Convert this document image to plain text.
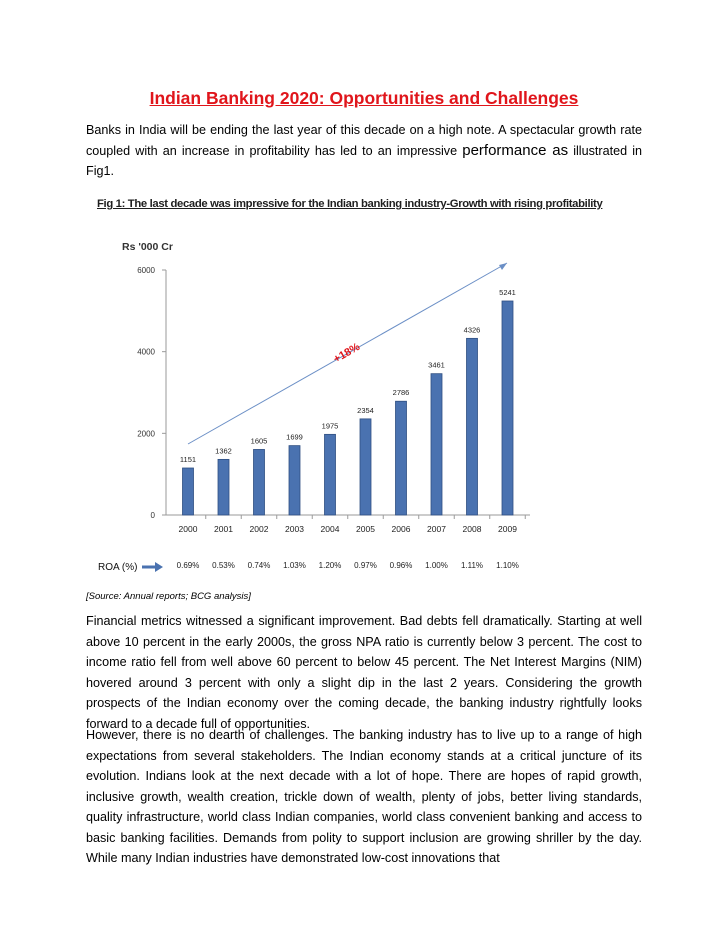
Indian Banking 2020: Opportunities and Challenges
Banks in India will be ending the last year of this decade on a high note. A spectacular growth rate coupled with an increase in profitability has led to an impressive performance as illustrated in Fig1.
Fig 1: The last decade was impressive for the Indian banking industry-Growth with rising profitability
Rs '000 Cr
0
2000
4000
6000
1151
2000
1362
2001
1605
2002
1699
2003
1975
2004
2354
2005
2786
2006
3461
2007
4326
2008
5241
2009
0.69% 0.53% 0.74% 1.03% 1.20% 0.97% 0.96% 1.00% 1.11% 1.10%
+18%
ROA (%)
[Source: Annual reports; BCG analysis]
Financial metrics witnessed a significant improvement. Bad debts fell dramatically. Starting at well above 10 percent in the early 2000s, the gross NPA ratio is currently below 3 percent. The cost to income ratio fell from well above 60 percent to below 45 percent. The Net Interest Margins (NIM) hovered around 3 percent with only a slight dip in the last 2 years. Considering the growth prospects of the Indian economy over the coming decade, the banking industry rightfully looks forward to a decade full of opportunities.
However, there is no dearth of challenges. The banking industry has to live up to a range of high expectations from several stakeholders. The Indian economy stands at a critical juncture of its evolution. Indians look at the next decade with a lot of hope. There are hopes of rapid growth, inclusive growth, wealth creation, trickle down of wealth, plenty of jobs, better living standards, quality infrastructure, world class Indian companies, world class convenient banking and access to basic banking facilities. Demands from polity to support inclusion are growing shriller by the day. While many Indian industries have demonstrated low-cost innovations that
